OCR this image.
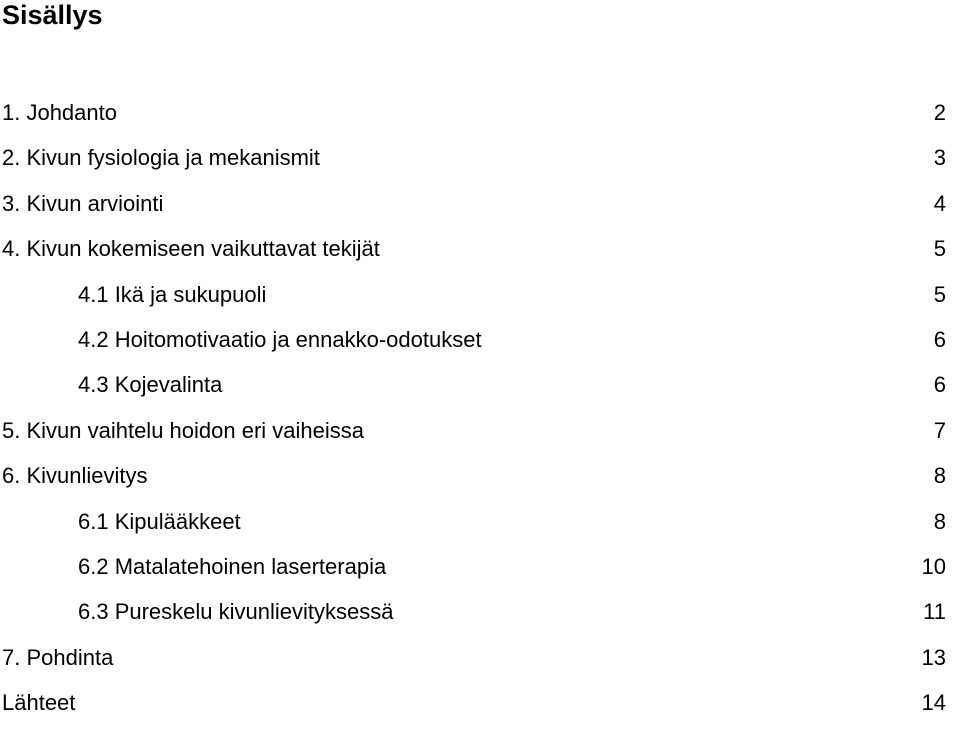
Sisällys
1. Johdanto	2
2. Kivun fysiologia ja mekanismit	3
3. Kivun arviointi	4
4. Kivun kokemiseen vaikuttavat tekijät	5
4.1 Ikä ja sukupuoli	5
4.2 Hoitomotivaatio ja ennakko-odotukset	6
4.3 Kojevalinta	6
5. Kivun vaihtelu hoidon eri vaiheissa	7
6. Kivunlievitys	8
6.1 Kipulääkkeet	8
6.2 Matalatehoinen laserterapia	10
6.3 Pureskelu kivunlievityksessä	11
7. Pohdinta	13
Lähteet	14
